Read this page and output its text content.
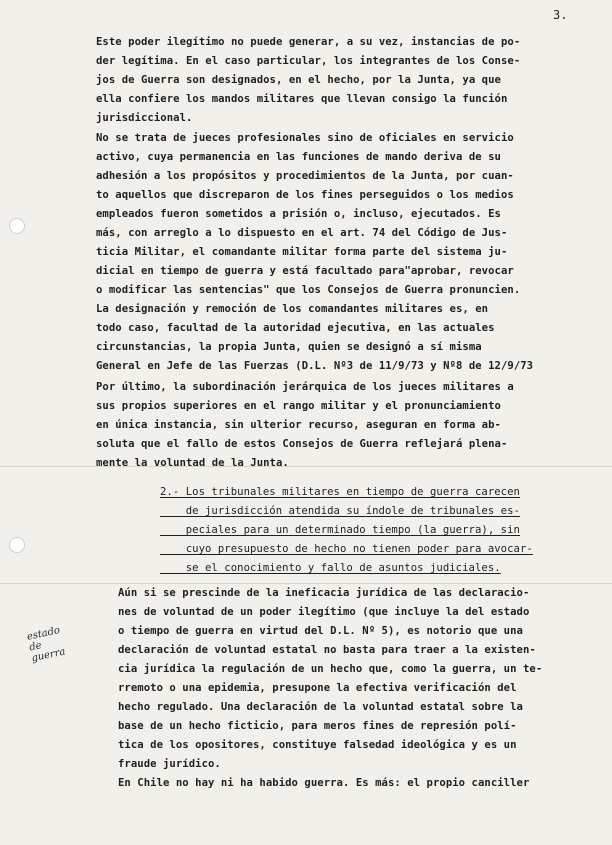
3.
Este poder ilegítimo no puede generar, a su vez, instancias de po-
der legítima. En el caso particular, los integrantes de los Conse-
jos de Guerra son designados, en el hecho, por la Junta, ya que
ella confiere los mandos militares que llevan consigo la función
jurisdiccional.
No se trata de jueces profesionales sino de oficiales en servicio
activo, cuya permanencia en las funciones de mando deriva de su
adhesión a los propósitos y procedimientos de la Junta, por cuan-
to aquellos que discreparon de los fines perseguidos o los medios
empleados fueron sometidos a prisión o, incluso, ejecutados. Es
más, con arreglo a lo dispuesto en el art. 74 del Código de Jus-
ticia Militar, el comandante militar forma parte del sistema ju-
dicial en tiempo de guerra y está facultado para"aprobar, revocar
o modificar las sentencias" que los Consejos de Guerra pronuncien.
La designación y remoción de los comandantes militares es, en
todo caso, facultad de la autoridad ejecutiva, en las actuales
circunstancias, la propia Junta, quien se designó a sí misma
General en Jefe de las Fuerzas (D.L. Nº3 de 11/9/73 y Nº8 de 12/9/73
Por último, la subordinación jerárquica de los jueces militares a
sus propios superiores en el rango militar y el pronunciamiento
en única instancia, sin ulterior recurso, aseguran en forma ab-
soluta que el fallo de estos Consejos de Guerra reflejará plena-
mente la voluntad de la Junta.
2.- Los tribunales militares en tiempo de guerra carecen
de jurisdicción atendida su índole de tribunales es-
peciales para un determinado tiempo (la guerra), sin
cuyo presupuesto de hecho no tienen poder para avocar-
se el conocimiento y fallo de asuntos judiciales.
Aún si se prescinde de la ineficacia jurídica de las declaracio-
nes de voluntad de un poder ilegítimo (que incluye la del estado
o tiempo de guerra en virtud del D.L. Nº 5), es notorio que una
declaración de voluntad estatal no basta para traer a la existen-
cia jurídica la regulación de un hecho que, como la guerra, un te-
rremoto o una epidemia, presupone la efectiva verificación del
hecho regulado. Una declaración de la voluntad estatal sobre la
base de un hecho ficticio, para meros fines de represión polí-
tica de los opositores, constituye falsedad ideológica y es un
fraude jurídico.
En Chile no hay ni ha habido guerra. Es más: el propio canciller
estado de guerra
